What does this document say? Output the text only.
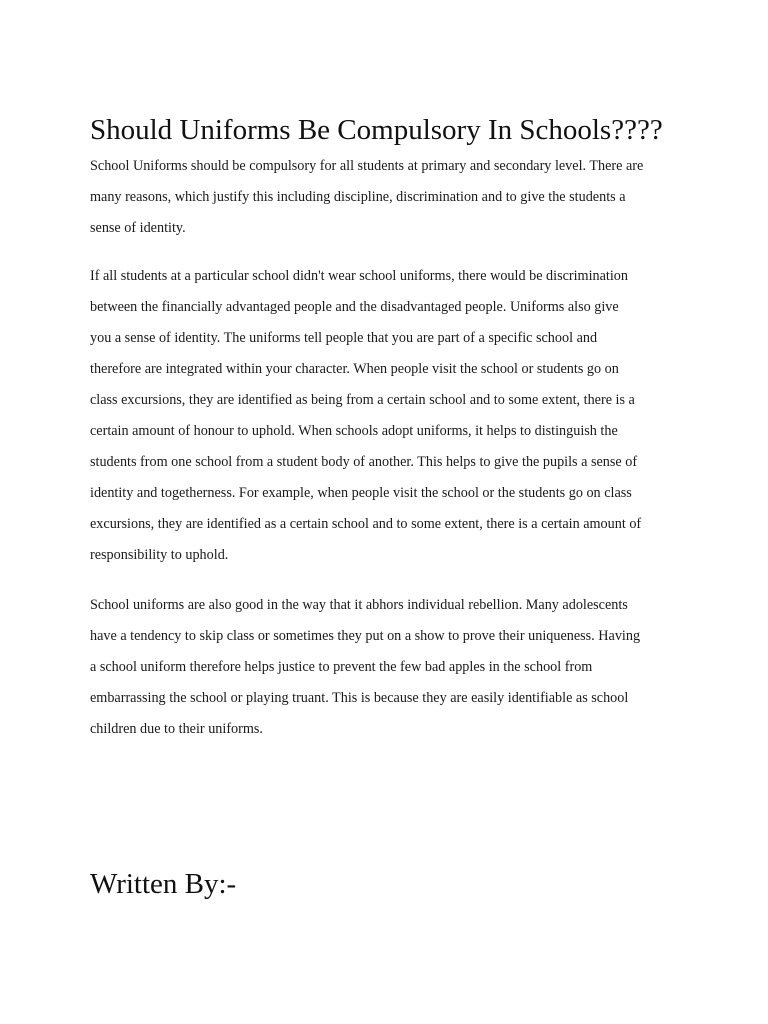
Should Uniforms Be Compulsory In Schools????

School Uniforms should be compulsory for all students at primary and secondary level. There are
many reasons, which justify this including discipline, discrimination and to give the students a
sense of identity.

If all students at a particular school didn't wear school uniforms, there would be discrimination
between the financially advantaged people and the disadvantaged people. Uniforms also give
you a sense of identity. The uniforms tell people that you are part of a specific school and
therefore are integrated within your character. When people visit the school or students go on
class excursions, they are identified as being from a certain school and to some extent, there is a
certain amount of honour to uphold. When schools adopt uniforms, it helps to distinguish the
students from one school from a student body of another. This helps to give the pupils a sense of
identity and togetherness. For example, when people visit the school or the students go on class
excursions, they are identified as a certain school and to some extent, there is a certain amount of
responsibility to uphold.

School uniforms are also good in the way that it abhors individual rebellion. Many adolescents
have a tendency to skip class or sometimes they put on a show to prove their uniqueness. Having
a school uniform therefore helps justice to prevent the few bad apples in the school from
embarrassing the school or playing truant. This is because they are easily identifiable as school
children due to their uniforms.

Written By:-
